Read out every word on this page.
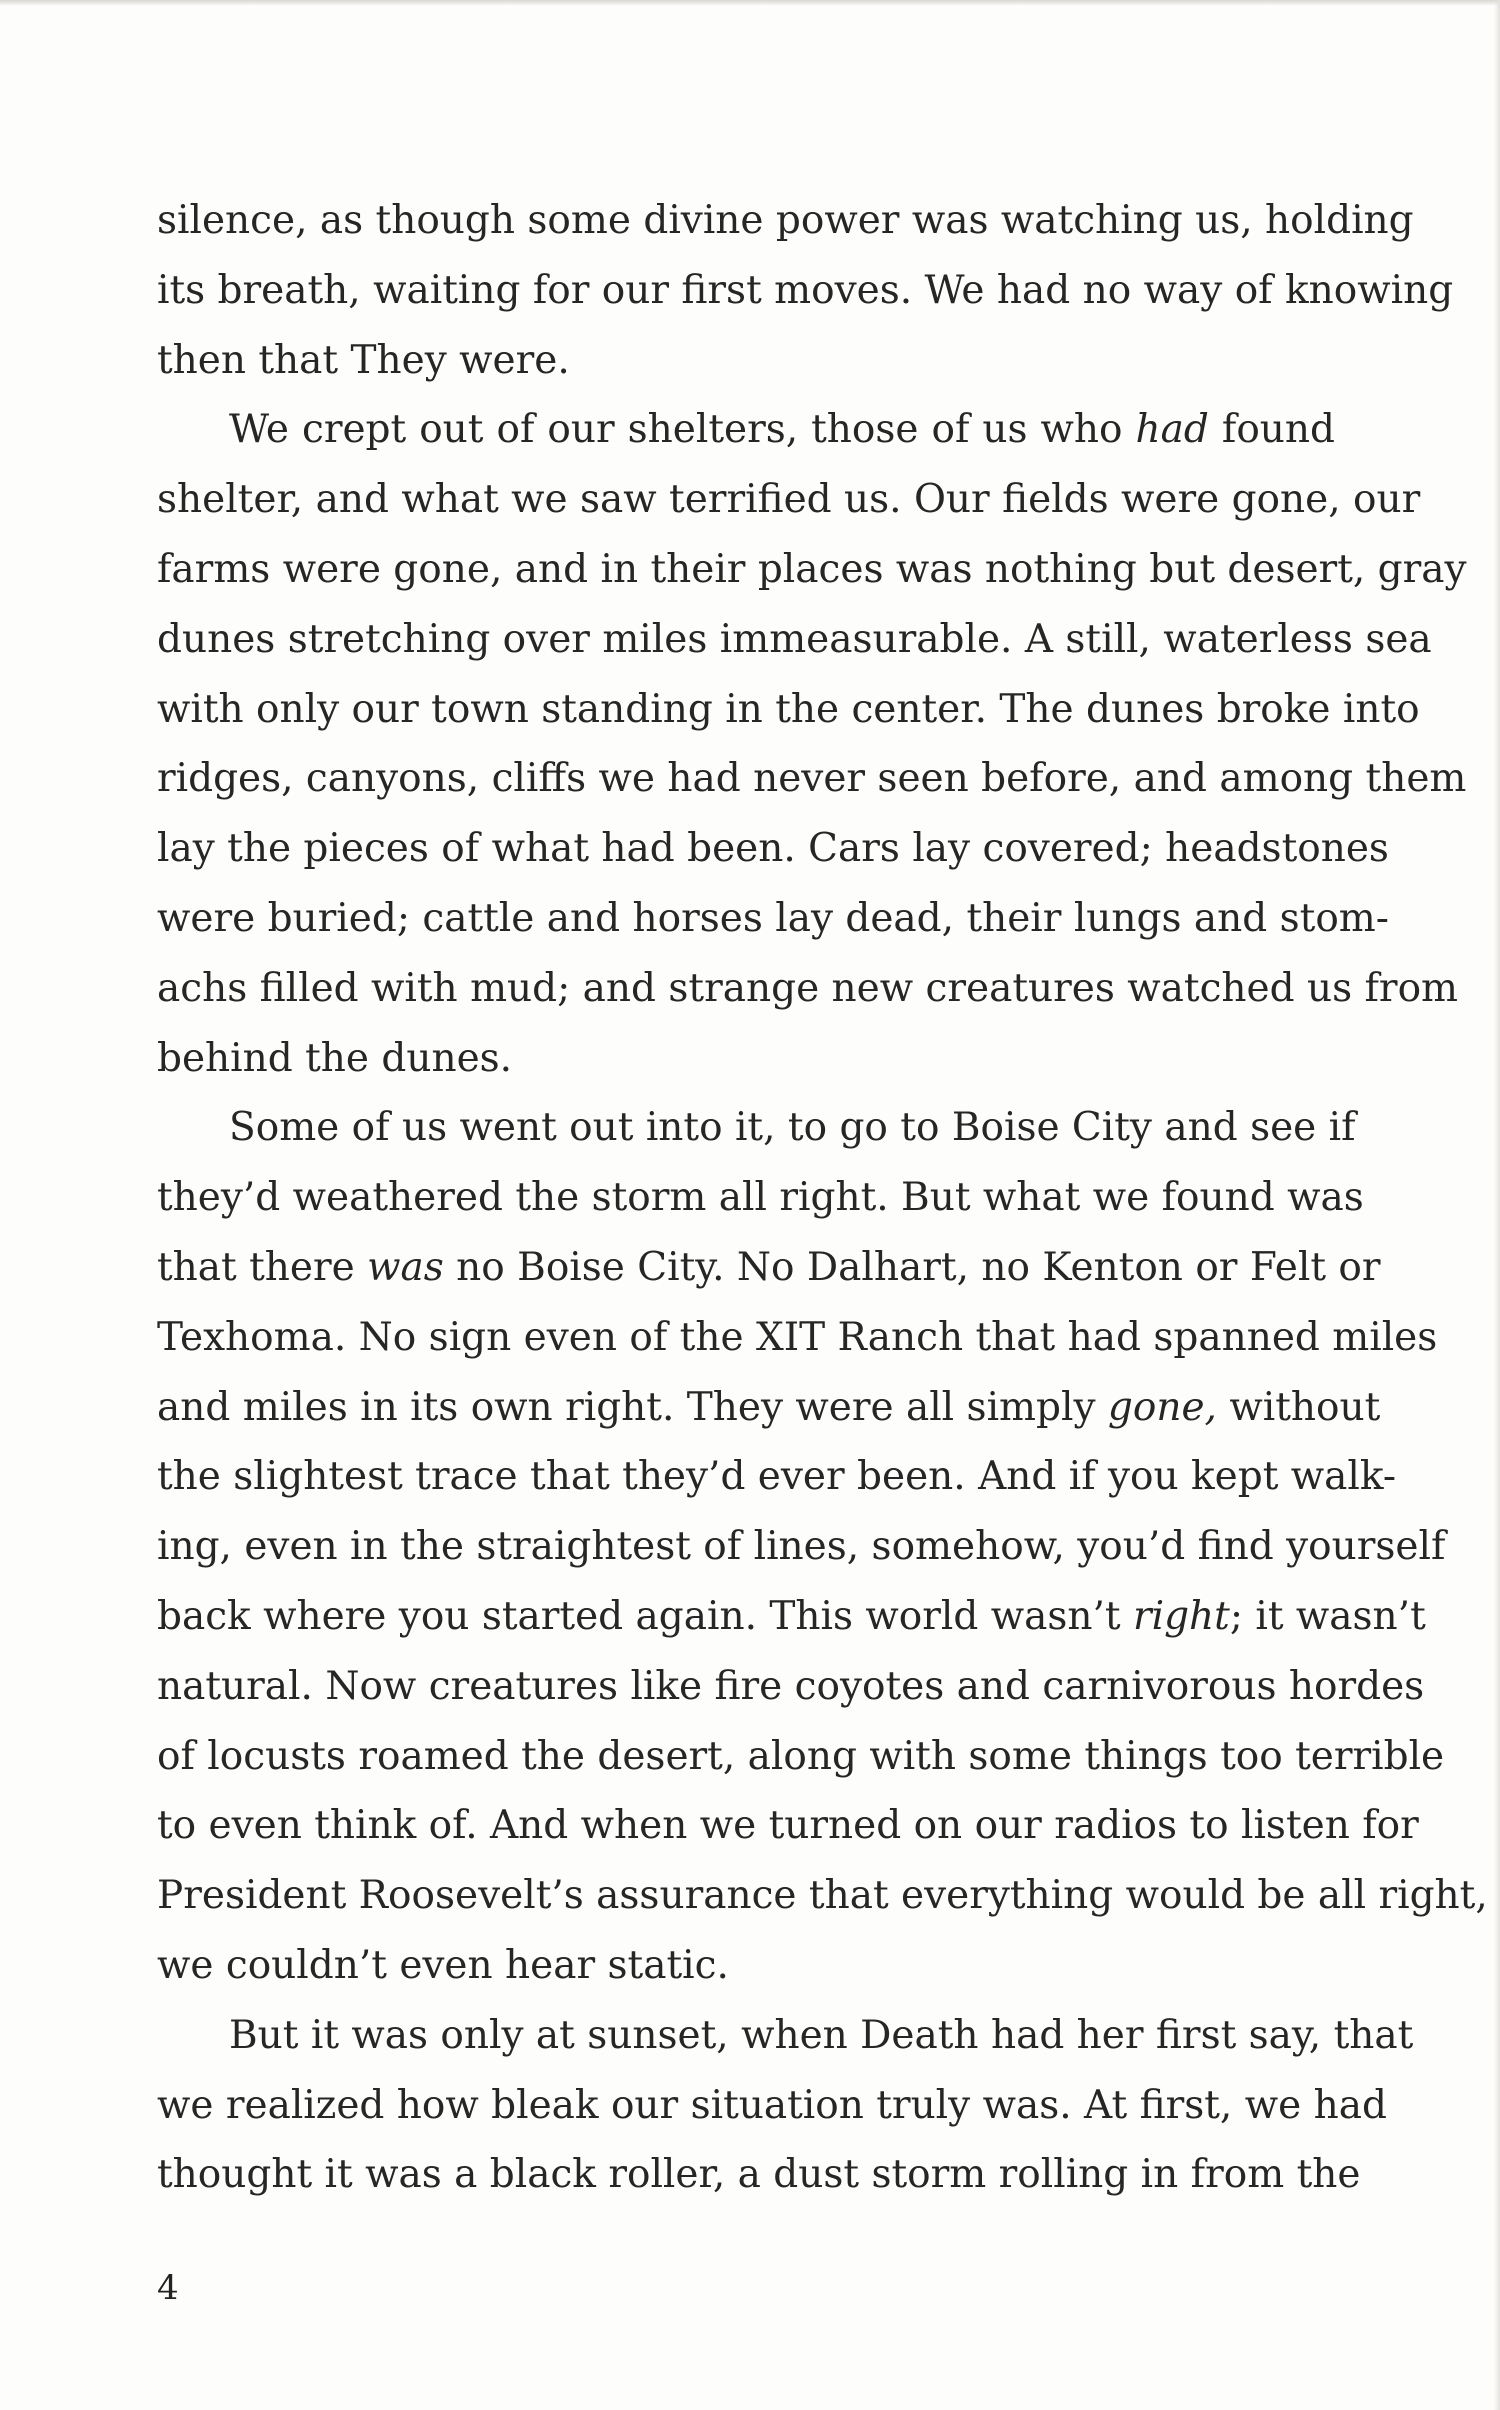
silence, as though some divine power was watching us, holding
its breath, waiting for our first moves. We had no way of knowing
then that They were.

We crept out of our shelters, those of us who had found
shelter, and what we saw terrified us. Our fields were gone, our
farms were gone, and in their places was nothing but desert, gray
dunes stretching over miles immeasurable. A still, waterless sea
with only our town standing in the center. The dunes broke into
ridges, canyons, cliffs we had never seen before, and among them
lay the pieces of what had been. Cars lay covered; headstones
were buried; cattle and horses lay dead, their lungs and stom-
achs filled with mud; and strange new creatures watched us from
behind the dunes.

Some of us went out into it, to go to Boise City and see if
they’d weathered the storm all right. But what we found was
that there was no Boise City. No Dalhart, no Kenton or Felt or
Texhoma. No sign even of the XIT Ranch that had spanned miles
and miles in its own right. They were all simply gone, without
the slightest trace that they’d ever been. And if you kept walk-
ing, even in the straightest of lines, somehow, you’d find yourself
back where you started again. This world wasn’t right; it wasn’t
natural. Now creatures like fire coyotes and carnivorous hordes
of locusts roamed the desert, along with some things too terrible
to even think of. And when we turned on our radios to listen for
President Roosevelt’s assurance that everything would be all right,
we couldn’t even hear static.

But it was only at sunset, when Death had her first say, that
we realized how bleak our situation truly was. At first, we had
thought it was a black roller, a dust storm rolling in from the

4
